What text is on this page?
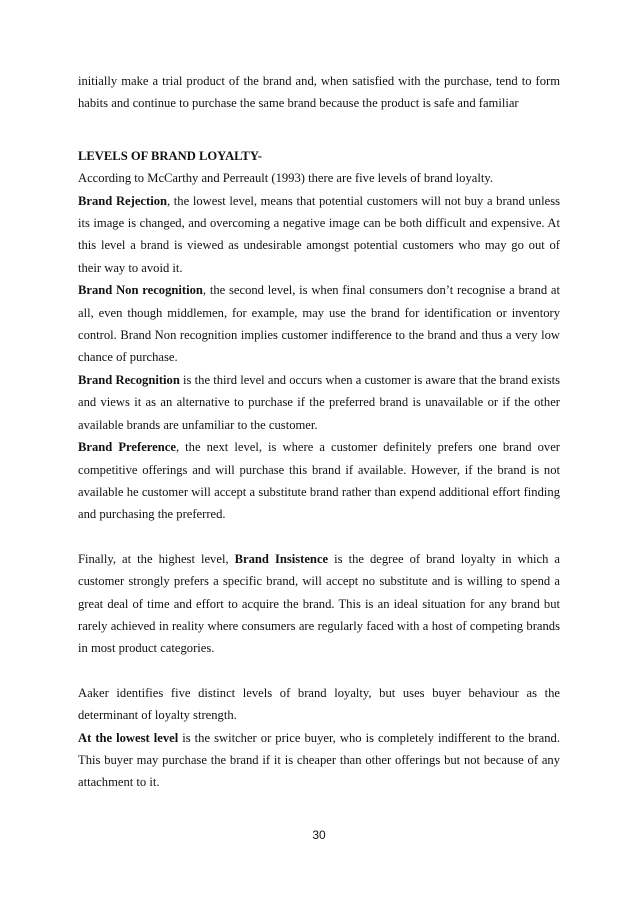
initially make a trial product of the brand and, when satisfied with the purchase, tend to form habits and continue to purchase the same brand because the product is safe and familiar

LEVELS OF BRAND LOYALTY-

According to McCarthy and Perreault (1993) there are five levels of brand loyalty.

Brand Rejection, the lowest level, means that potential customers will not buy a brand unless its image is changed, and overcoming a negative image can be both difficult and expensive. At this level a brand is viewed as undesirable amongst potential customers who may go out of their way to avoid it.

Brand Non recognition, the second level, is when final consumers don’t recognise a brand at all, even though middlemen, for example, may use the brand for identification or inventory control. Brand Non recognition implies customer indifference to the brand and thus a very low chance of purchase.

Brand Recognition is the third level and occurs when a customer is aware that the brand exists and views it as an alternative to purchase if the preferred brand is unavailable or if the other available brands are unfamiliar to the customer.

Brand Preference, the next level, is where a customer definitely prefers one brand over competitive offerings and will purchase this brand if available. However, if the brand is not available he customer will accept a substitute brand rather than expend additional effort finding and purchasing the preferred.

Finally, at the highest level, Brand Insistence is the degree of brand loyalty in which a customer strongly prefers a specific brand, will accept no substitute and is willing to spend a great deal of time and effort to acquire the brand. This is an ideal situation for any brand but rarely achieved in reality where consumers are regularly faced with a host of competing brands in most product categories.

Aaker identifies five distinct levels of brand loyalty, but uses buyer behaviour as the determinant of loyalty strength.

At the lowest level is the switcher or price buyer, who is completely indifferent to the brand. This buyer may purchase the brand if it is cheaper than other offerings but not because of any attachment to it.

30
